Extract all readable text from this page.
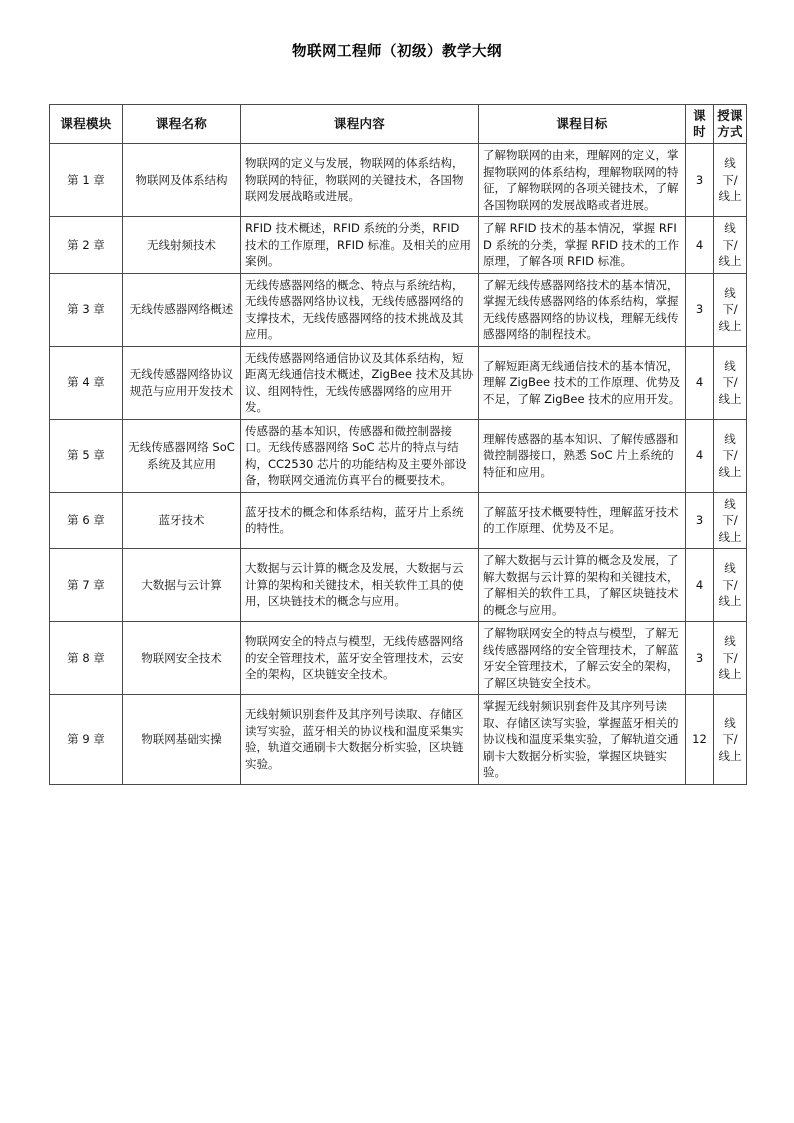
物联网工程师（初级）教学大纲
课程模块	课程名称	课程内容	课程目标	课时	授课方式
第 1 章	物联网及体系结构	物联网的定义与发展，物联网的体系结构，物联网的特征，物联网的关键技术，各国物联网发展战略或进展。	了解物联网的由来，理解网的定义，掌握物联网的体系结构，理解物联网的特征，了解物联网的各项关键技术，了解各国物联网的发展战略或者进展。	3	线下/线上
第 2 章	无线射频技术	RFID 技术概述，RFID 系统的分类，RFID 技术的工作原理，RFID 标准。及相关的应用案例。	了解 RFID 技术的基本情况，掌握 RFID 系统的分类，掌握 RFID 技术的工作原理，了解各项 RFID 标准。	4	线下/线上
第 3 章	无线传感器网络概述	无线传感器网络的概念、特点与系统结构，无线传感器网络协议栈，无线传感器网络的支撑技术，无线传感器网络的技术挑战及其应用。	了解无线传感器网络技术的基本情况，掌握无线传感器网络的体系结构，掌握无线传感器网络的协议栈，理解无线传感器网络的制程技术。	3	线下/线上
第 4 章	无线传感器网络协议规范与应用开发技术	无线传感器网络通信协议及其体系结构，短距离无线通信技术概述，ZigBee 技术及其协议、组网特性，无线传感器网络的应用开发。	了解短距离无线通信技术的基本情况，理解 ZigBee 技术的工作原理、优势及不足，了解 ZigBee 技术的应用开发。	4	线下/线上
第 5 章	无线传感器网络 SoC 系统及其应用	传感器的基本知识，传感器和微控制器接口。无线传感器网络 SoC 芯片的特点与结构，CC2530 芯片的功能结构及主要外部设备，物联网交通流仿真平台的概要技术。	理解传感器的基本知识、了解传感器和微控制器接口，熟悉 SoC 片上系统的特征和应用。	4	线下/线上
第 6 章	蓝牙技术	蓝牙技术的概念和体系结构，蓝牙片上系统的特性。	了解蓝牙技术概要特性，理解蓝牙技术的工作原理、优势及不足。	3	线下/线上
第 7 章	大数据与云计算	大数据与云计算的概念及发展，大数据与云计算的架构和关键技术，相关软件工具的使用，区块链技术的概念与应用。	了解大数据与云计算的概念及发展，了解大数据与云计算的架构和关键技术，了解相关的软件工具，了解区块链技术的概念与应用。	4	线下/线上
第 8 章	物联网安全技术	物联网安全的特点与模型，无线传感器网络的安全管理技术，蓝牙安全管理技术，云安全的架构，区块链安全技术。	了解物联网安全的特点与模型，了解无线传感器网络的安全管理技术，了解蓝牙安全管理技术，了解云安全的架构，了解区块链安全技术。	3	线下/线上
第 9 章	物联网基础实操	无线射频识别套件及其序列号读取、存储区读写实验，蓝牙相关的协议栈和温度采集实验，轨道交通刷卡大数据分析实验，区块链实验。	掌握无线射频识别套件及其序列号读取、存储区读写实验，掌握蓝牙相关的协议栈和温度采集实验，了解轨道交通刷卡大数据分析实验，掌握区块链实验。	12	线下/线上
